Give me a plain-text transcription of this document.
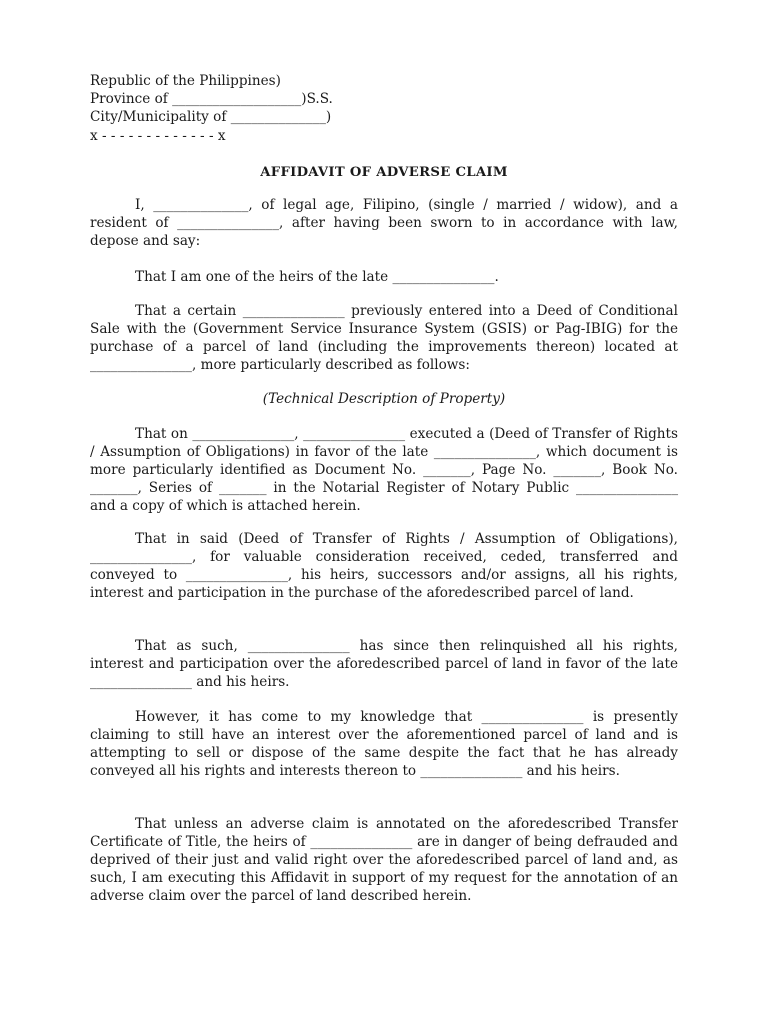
Republic of the Philippines)

Province of ___________________)S.S.

City/Municipality of ______________)

x - - - - - - - - - - - - - x

AFFIDAVIT OF ADVERSE CLAIM

I, ______________, of legal age, Filipino, (single / married / widow), and a resident of _______________, after having been sworn to in accordance with law, depose and say:

That I am one of the heirs of the late _______________.

That a certain _______________ previously entered into a Deed of Conditional Sale with the (Government Service Insurance System (GSIS) or Pag-IBIG) for the purchase of a parcel of land (including the improvements thereon) located at _______________, more particularly described as follows:

(Technical Description of Property)

That on _______________, _______________ executed a (Deed of Transfer of Rights / Assumption of Obligations) in favor of the late _______________, which document is more particularly identified as Document No. _______, Page No. _______, Book No. _______, Series of _______ in the Notarial Register of Notary Public _______________ and a copy of which is attached herein.

That in said (Deed of Transfer of Rights / Assumption of Obligations), _______________, for valuable consideration received, ceded, transferred and conveyed to _______________, his heirs, successors and/or assigns, all his rights, interest and participation in the purchase of the aforedescribed parcel of land.

That as such, _______________ has since then relinquished all his rights, interest and participation over the aforedescribed parcel of land in favor of the late _______________ and his heirs.

However, it has come to my knowledge that _______________ is presently claiming to still have an interest over the aforementioned parcel of land and is attempting to sell or dispose of the same despite the fact that he has already conveyed all his rights and interests thereon to _______________ and his heirs.

That unless an adverse claim is annotated on the aforedescribed Transfer Certificate of Title, the heirs of _______________ are in danger of being defrauded and deprived of their just and valid right over the aforedescribed parcel of land and, as such, I am executing this Affidavit in support of my request for the annotation of an adverse claim over the parcel of land described herein.
